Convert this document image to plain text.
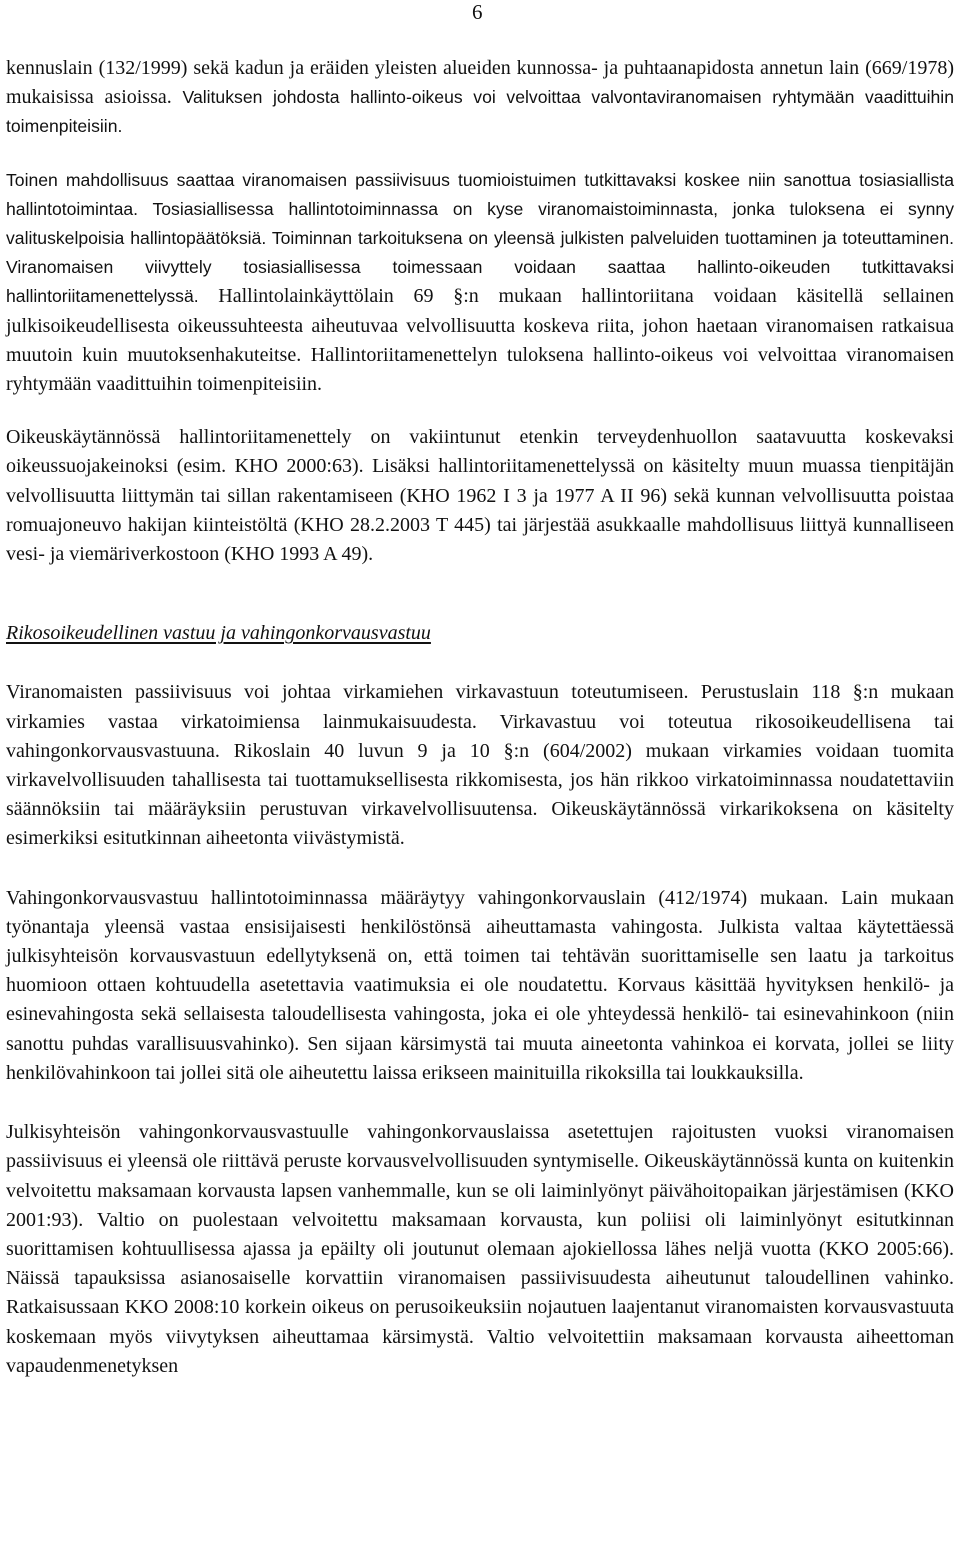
6

kennuslain (132/1999) sekä kadun ja eräiden yleisten alueiden kunnossa- ja puhtaanapidosta annetun lain (669/1978) mukaisissa asioissa. Valituksen johdosta hallinto-oikeus voi velvoittaa valvontaviranomaisen ryhtymään vaadittuihin toimenpiteisiin.

Toinen mahdollisuus saattaa viranomaisen passiivisuus tuomioistuimen tutkittavaksi koskee niin sanottua tosiasiallista hallintotoimintaa. Tosiasiallisessa hallintotoiminnassa on kyse viranomaistoiminnasta, jonka tuloksena ei synny valituskelpoisia hallintopäätöksiä. Toiminnan tarkoituksena on yleensä julkisten palveluiden tuottaminen ja toteuttaminen. Viranomaisen viivyttely tosiasiallisessa toimessaan voidaan saattaa hallinto-oikeuden tutkittavaksi hallintoriitamenettelyssä. Hallintolainkäyttölain 69 §:n mukaan hallintoriitana voidaan käsitellä sellainen julkisoikeudellisesta oikeussuhteesta aiheutuvaa velvollisuutta koskeva riita, johon haetaan viranomaisen ratkaisua muutoin kuin muutoksenhakuteitse. Hallintoriitamenettelyn tuloksena hallinto-oikeus voi velvoittaa viranomaisen ryhtymään vaadittuihin toimenpiteisiin.

Oikeuskäytännössä hallintoriitamenettely on vakiintunut etenkin terveydenhuollon saatavuutta koskevaksi oikeussuojakeinoksi (esim. KHO 2000:63). Lisäksi hallintoriitamenettelyssä on käsitelty muun muassa tienpitäjän velvollisuutta liittymän tai sillan rakentamiseen (KHO 1962 I 3 ja 1977 A II 96) sekä kunnan velvollisuutta poistaa romuajoneuvo hakijan kiinteistöltä (KHO 28.2.2003 T 445) tai järjestää asukkaalle mahdollisuus liittyä kunnalliseen vesi- ja viemäriverkostoon (KHO 1993 A 49).

Rikosoikeudellinen vastuu ja vahingonkorvausvastuu

Viranomaisten passiivisuus voi johtaa virkamiehen virkavastuun toteutumiseen. Perustuslain 118 §:n mukaan virkamies vastaa virkatoimiensa lainmukaisuudesta. Virkavastuu voi toteutua rikosoikeudellisena tai vahingonkorvausvastuuna. Rikoslain 40 luvun 9 ja 10 §:n (604/2002) mukaan virkamies voidaan tuomita virkavelvollisuuden tahallisesta tai tuottamuksellisesta rikkomisesta, jos hän rikkoo virkatoiminnassa noudatettaviin säännöksiin tai määräyksiin perustuvan virkavelvollisuutensa. Oikeuskäytännössä virkarikoksena on käsitelty esimerkiksi esitutkinnan aiheetonta viivästymistä.

Vahingonkorvausvastuu hallintotoiminnassa määräytyy vahingonkorvauslain (412/1974) mukaan. Lain mukaan työnantaja yleensä vastaa ensisijaisesti henkilöstönsä aiheuttamasta vahingosta. Julkista valtaa käytettäessä julkisyhteisön korvausvastuun edellytyksenä on, että toimen tai tehtävän suorittamiselle sen laatu ja tarkoitus huomioon ottaen kohtuudella asetettavia vaatimuksia ei ole noudatettu. Korvaus käsittää hyvityksen henkilö- ja esinevahingosta sekä sellaisesta taloudellisesta vahingosta, joka ei ole yhteydessä henkilö- tai esinevahinkoon (niin sanottu puhdas varallisuusvahinko). Sen sijaan kärsimystä tai muuta aineetonta vahinkoa ei korvata, jollei se liity henkilövahinkoon tai jollei sitä ole aiheutettu laissa erikseen mainituilla rikoksilla tai loukkauksilla.

Julkisyhteisön vahingonkorvausvastuulle vahingonkorvauslaissa asetettujen rajoitusten vuoksi viranomaisen passiivisuus ei yleensä ole riittävä peruste korvausvelvollisuuden syntymiselle. Oikeuskäytännössä kunta on kuitenkin velvoitettu maksamaan korvausta lapsen vanhemmalle, kun se oli laiminlyönyt päivähoitopaikan järjestämisen (KKO 2001:93). Valtio on puolestaan velvoitettu maksamaan korvausta, kun poliisi oli laiminlyönyt esitutkinnan suorittamisen kohtuullisessa ajassa ja epäilty oli joutunut olemaan ajokiellossa lähes neljä vuotta (KKO 2005:66). Näissä tapauksissa asianosaiselle korvattiin viranomaisen passiivisuudesta aiheutunut taloudellinen vahinko. Ratkaisussaan KKO 2008:10 korkein oikeus on perusoikeuksiin nojautuen laajentanut viranomaisten korvausvastuuta koskemaan myös viivytyksen aiheuttamaa kärsimystä. Valtio velvoitettiin maksamaan korvausta aiheettoman vapaudenmenetyksen
